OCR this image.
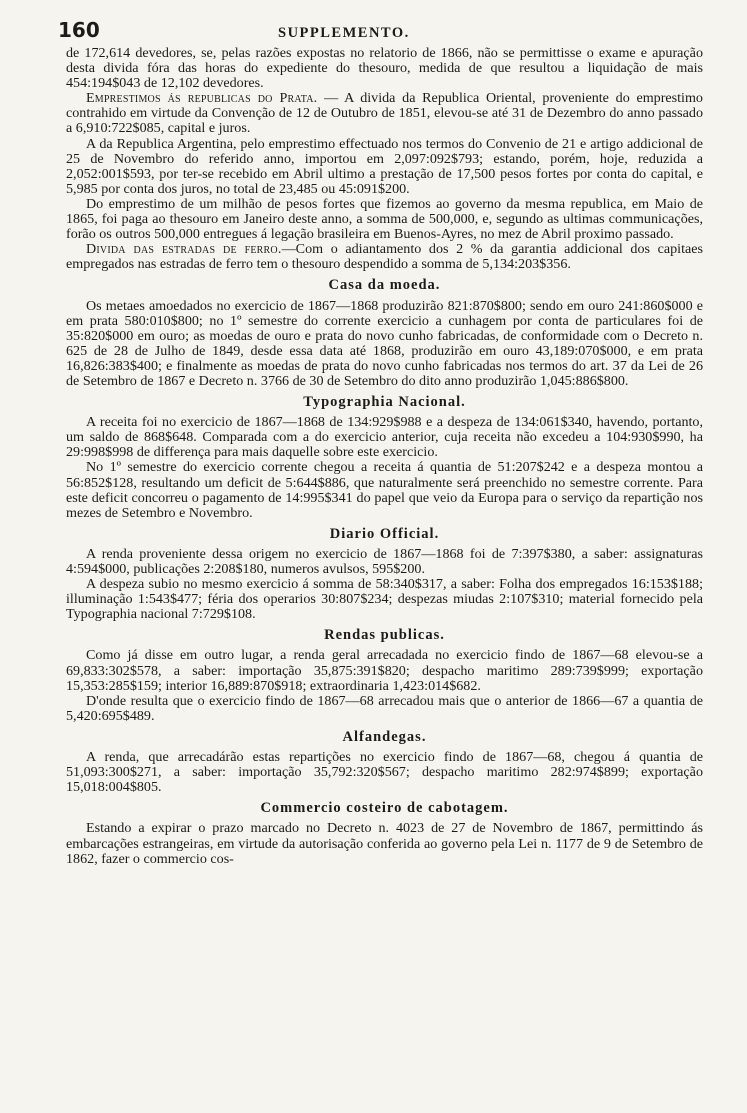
160	SUPPLEMENTO.

de 172,614 devedores, se, pelas razões expostas no relatorio de 1866, não se permittisse o exame e apuração desta divida fóra das horas do expediente do thesouro, medida de que resultou a liquidação de mais 454:194$043 de 12,102 devedores.

Emprestimos ás republicas do Prata. — A divida da Republica Oriental, proveniente do emprestimo contrahido em virtude da Convenção de 12 de Outubro de 1851, elevou-se até 31 de Dezembro do anno passado a 6,910:722$085, capital e juros.

A da Republica Argentina, pelo emprestimo effectuado nos termos do Convenio de 21 e artigo addicional de 25 de Novembro do referido anno, importou em 2,097:092$793; estando, porém, hoje, reduzida a 2,052:001$593, por ter-se recebido em Abril ultimo a prestação de 17,500 pesos fortes por conta do capital, e 5,985 por conta dos juros, no total de 23,485 ou 45:091$200.

Do emprestimo de um milhão de pesos fortes que fizemos ao governo da mesma republica, em Maio de 1865, foi paga ao thesouro em Janeiro deste anno, a somma de 500,000, e, segundo as ultimas communicações, forão os outros 500,000 entregues á legação brasileira em Buenos-Ayres, no mez de Abril proximo passado.

Divida das estradas de ferro.—Com o adiantamento dos 2 % da garantia addicional dos capitaes empregados nas estradas de ferro tem o thesouro despendido a somma de 5,134:203$356.

Casa da moeda.

Os metaes amoedados no exercicio de 1867—1868 produzirão 821:870$800; sendo em ouro 241:860$000 e em prata 580:010$800; no 1º semestre do corrente exercicio a cunhagem por conta de particulares foi de 35:820$000 em ouro; as moedas de ouro e prata do novo cunho fabricadas, de conformidade com o Decreto n. 625 de 28 de Julho de 1849, desde essa data até 1868, produzirão em ouro 43,189:070$000, e em prata 16,826:383$400; e finalmente as moedas de prata do novo cunho fabricadas nos termos do art. 37 da Lei de 26 de Setembro de 1867 e Decreto n. 3766 de 30 de Setembro do dito anno produzirão 1,045:886$800.

Typographia Nacional.

A receita foi no exercicio de 1867—1868 de 134:929$988 e a despeza de 134:061$340, havendo, portanto, um saldo de 868$648. Comparada com a do exercicio anterior, cuja receita não excedeu a 104:930$990, ha 29:998$998 de differença para mais daquelle sobre este exercicio.

No 1º semestre do exercicio corrente chegou a receita á quantia de 51:207$242 e a despeza montou a 56:852$128, resultando um deficit de 5:644$886, que naturalmente será preenchido no semestre corrente. Para este deficit concorreu o pagamento de 14:995$341 do papel que veio da Europa para o serviço da repartição nos mezes de Setembro e Novembro.

Diario Official.

A renda proveniente dessa origem no exercicio de 1867—1868 foi de 7:397$380, a saber: assignaturas 4:594$000, publicações 2:208$180, numeros avulsos, 595$200.

A despeza subio no mesmo exercicio á somma de 58:340$317, a saber: Folha dos empregados 16:153$188; illuminação 1:543$477; féria dos operarios 30:807$234; despezas miudas 2:107$310; material fornecido pela Typographia nacional 7:729$108.

Rendas publicas.

Como já disse em outro lugar, a renda geral arrecadada no exercicio findo de 1867—68 elevou-se a 69,833:302$578, a saber: importação 35,875:391$820; despacho maritimo 289:739$999; exportação 15,353:285$159; interior 16,889:870$918; extraordinaria 1,423:014$682.

D'onde resulta que o exercicio findo de 1867—68 arrecadou mais que o anterior de 1866—67 a quantia de 5,420:695$489.

Alfandegas.

A renda, que arrecadárão estas repartições no exercicio findo de 1867—68, chegou á quantia de 51,093:300$271, a saber: importação 35,792:320$567; despacho maritimo 282:974$899; exportação 15,018:004$805.

Commercio costeiro de cabotagem.

Estando a expirar o prazo marcado no Decreto n. 4023 de 27 de Novembro de 1867, permittindo ás embarcações estrangeiras, em virtude da autorisação conferida ao governo pela Lei n. 1177 de 9 de Setembro de 1862, fazer o commercio cos-
